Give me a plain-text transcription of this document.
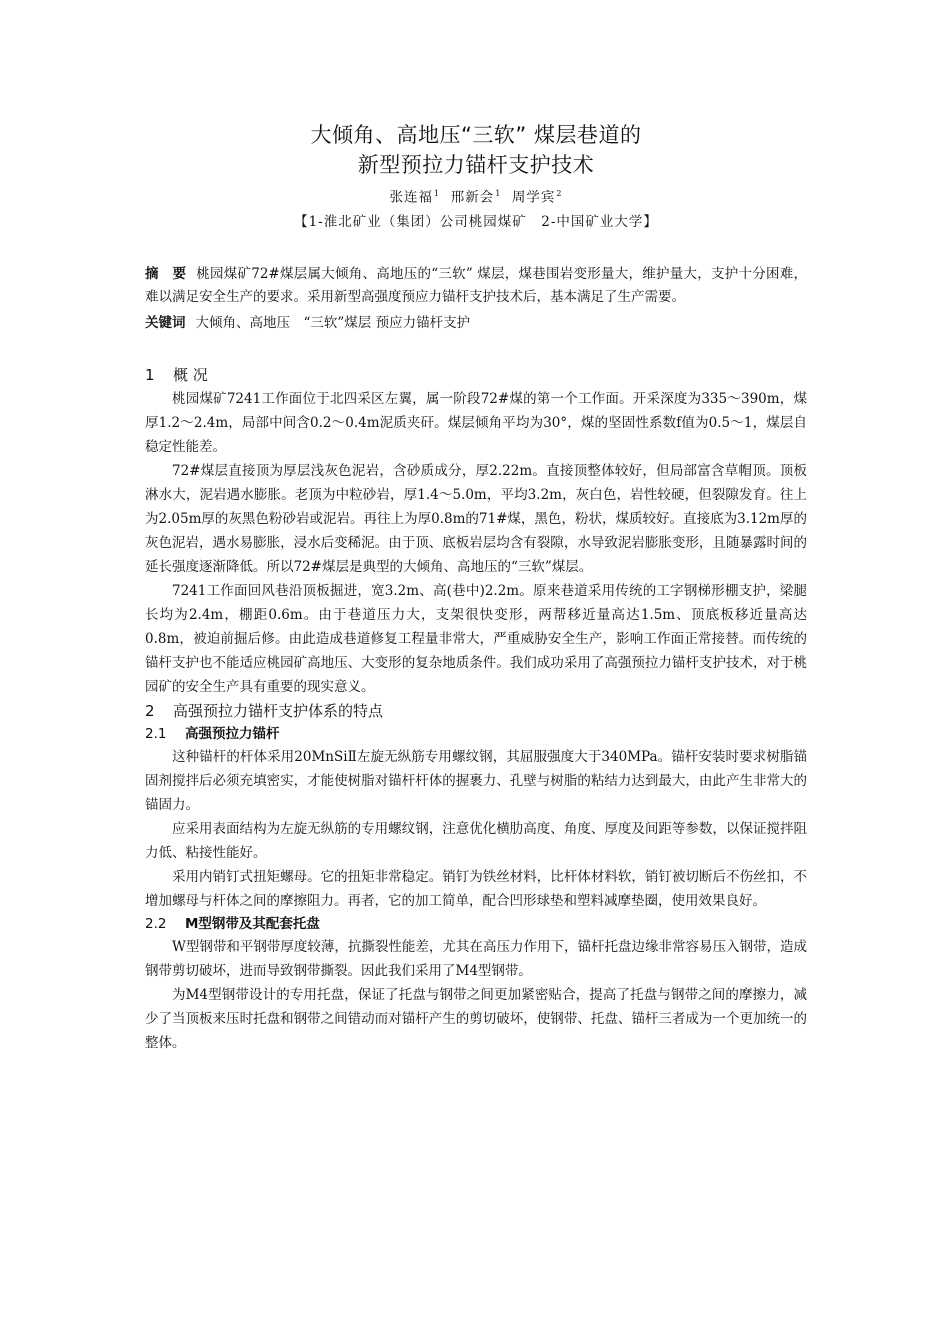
大倾角、高地压“三软” 煤层巷道的
新型预拉力锚杆支护技术
张连福$^1$ 邢新会$^1$ 周学宾$^2$
【1-淮北矿业（集团）公司桃园煤矿　2-中国矿业大学】
摘　要 桃园煤矿72#煤层属大倾角、高地压的“三软” 煤层，煤巷围岩变形量大，维护量大，支护十分困难，难以满足安全生产的要求。采用新型高强度预应力锚杆支护技术后，基本满足了生产需要。
关键词 大倾角、高地压　“三软”煤层 预应力锚杆支护
1 概 况

桃园煤矿7241工作面位于北四采区左翼，属一阶段72#煤的第一个工作面。开采深度为335～390m，煤厚1.2～2.4m，局部中间含0.2～0.4m泥质夹矸。煤层倾角平均为30°，煤的坚固性系数f值为0.5～1，煤层自稳定性能差。

72#煤层直接顶为厚层浅灰色泥岩，含砂质成分，厚2.22m。直接顶整体较好，但局部富含草帽顶。顶板淋水大，泥岩遇水膨胀。老顶为中粒砂岩，厚1.4～5.0m，平均3.2m，灰白色，岩性较硬，但裂隙发育。往上为2.05m厚的灰黑色粉砂岩或泥岩。再往上为厚0.8m的71#煤，黑色，粉状，煤质较好。直接底为3.12m厚的灰色泥岩，遇水易膨胀，浸水后变稀泥。由于顶、底板岩层均含有裂隙，水导致泥岩膨胀变形，且随暴露时间的延长强度逐渐降低。所以72#煤层是典型的大倾角、高地压的“三软”煤层。

7241工作面回风巷沿顶板掘进，宽3.2m、高(巷中)2.2m。原来巷道采用传统的工字钢梯形棚支护，梁腿长均为2.4m，棚距0.6m。由于巷道压力大，支架很快变形，两帮移近量高达1.5m、顶底板移近量高达0.8m，被迫前掘后修。由此造成巷道修复工程量非常大，严重威胁安全生产，影响工作面正常接替。而传统的锚杆支护也不能适应桃园矿高地压、大变形的复杂地质条件。我们成功采用了高强预拉力锚杆支护技术，对于桃园矿的安全生产具有重要的现实意义。

2 高强预拉力锚杆支护体系的特点
2.1 高强预拉力锚杆

这种锚杆的杆体采用20MnSiⅡ左旋无纵筋专用螺纹钢，其屈服强度大于340MPa。锚杆安装时要求树脂锚固剂搅拌后必须充填密实，才能使树脂对锚杆杆体的握裹力、孔壁与树脂的粘结力达到最大，由此产生非常大的锚固力。

应采用表面结构为左旋无纵筋的专用螺纹钢，注意优化横肋高度、角度、厚度及间距等参数，以保证搅拌阻力低、粘接性能好。

采用内销钉式扭矩螺母。它的扭矩非常稳定。销钉为铁丝材料，比杆体材料软，销钉被切断后不伤丝扣，不增加螺母与杆体之间的摩擦阻力。再者，它的加工简单，配合凹形球垫和塑料减摩垫圈，使用效果良好。

2.2 M型钢带及其配套托盘

W型钢带和平钢带厚度较薄，抗撕裂性能差，尤其在高压力作用下，锚杆托盘边缘非常容易压入钢带，造成钢带剪切破坏，进而导致钢带撕裂。因此我们采用了M4型钢带。

为M4型钢带设计的专用托盘，保证了托盘与钢带之间更加紧密贴合，提高了托盘与钢带之间的摩擦力，减少了当顶板来压时托盘和钢带之间错动而对锚杆产生的剪切破坏，使钢带、托盘、锚杆三者成为一个更加统一的整体。
